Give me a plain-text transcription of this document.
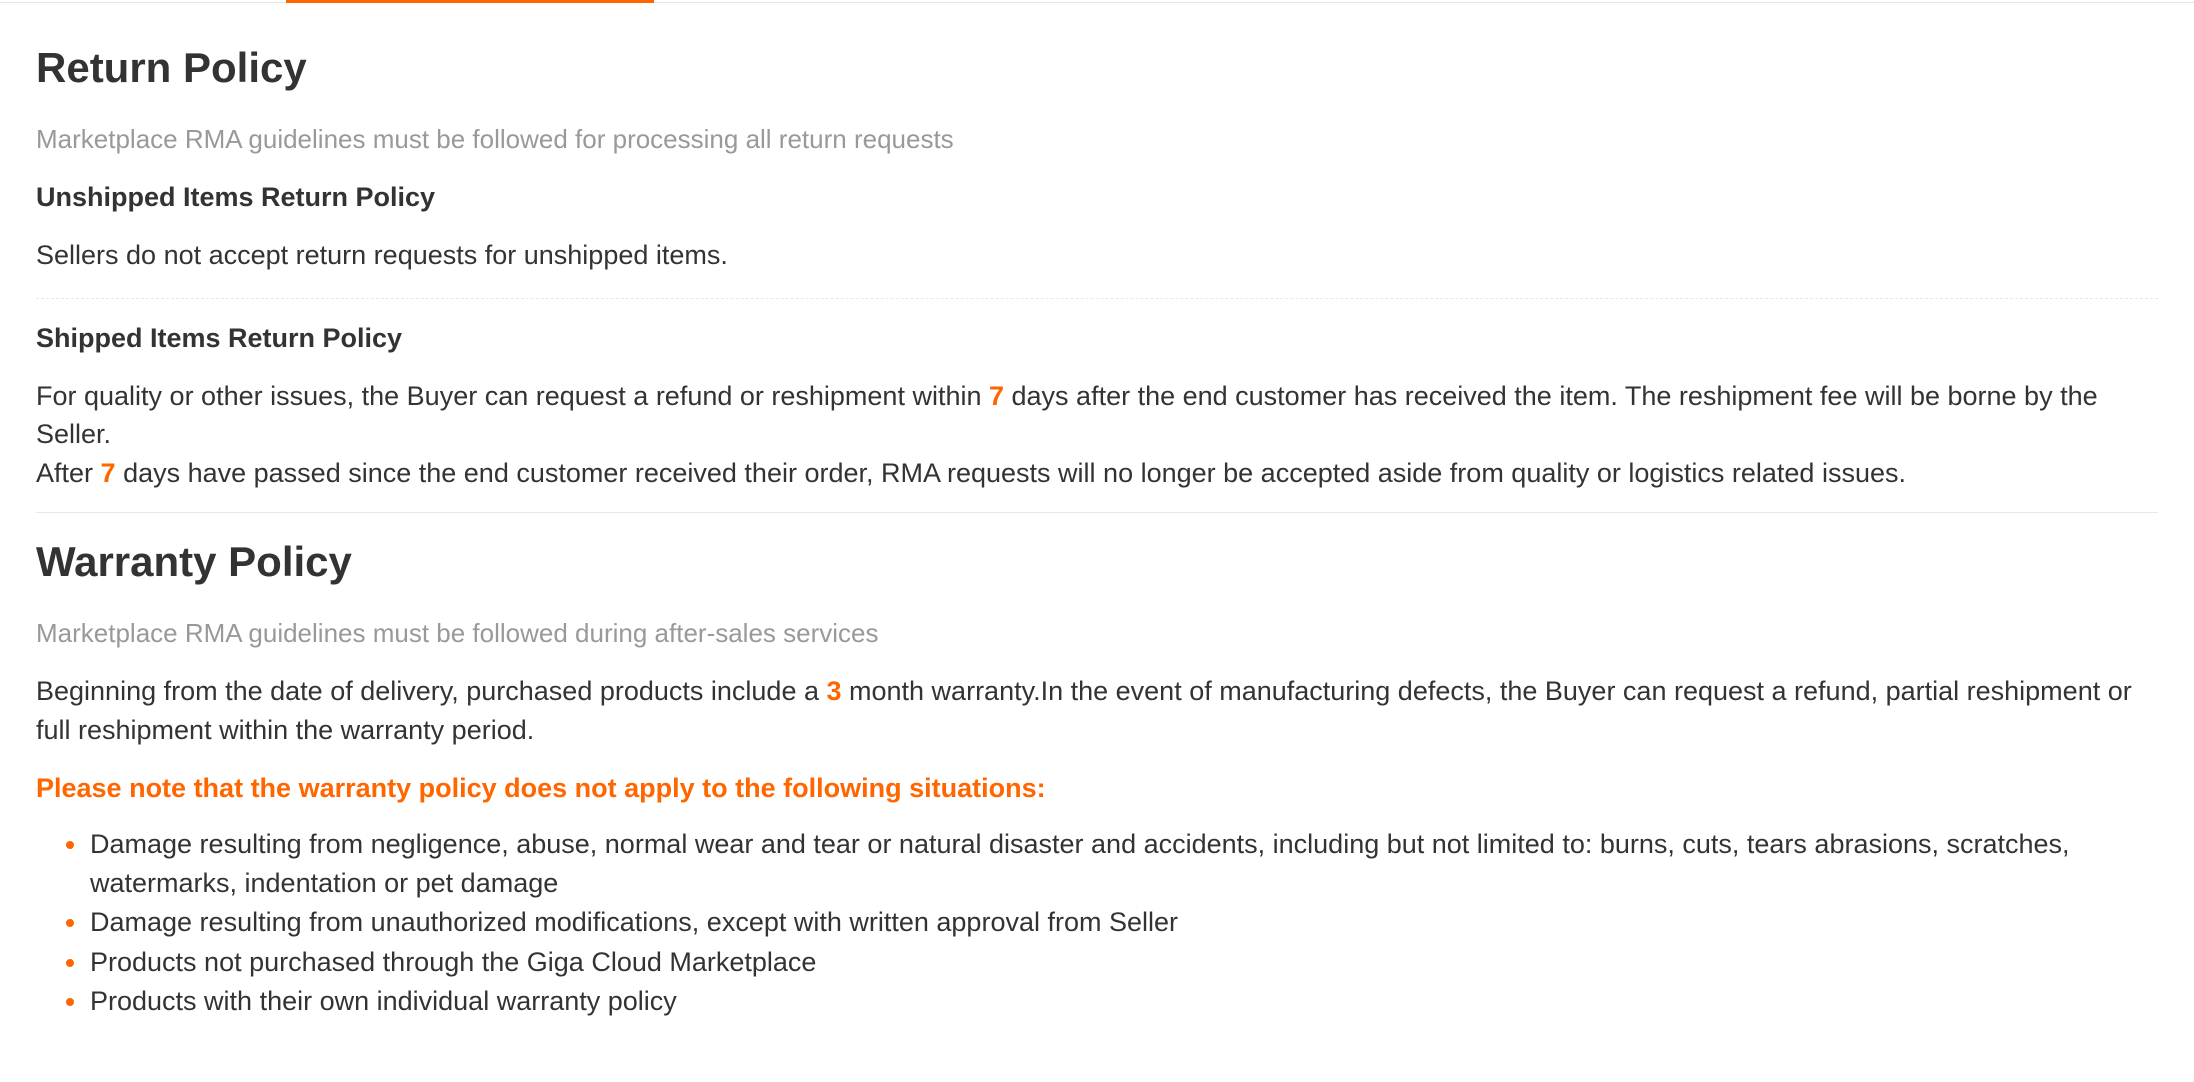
Return Policy

Marketplace RMA guidelines must be followed for processing all return requests

Unshipped Items Return Policy

Sellers do not accept return requests for unshipped items.

Shipped Items Return Policy

For quality or other issues, the Buyer can request a refund or reshipment within 7 days after the end customer has received the item. The reshipment fee will be borne by the Seller.

After 7 days have passed since the end customer received their order, RMA requests will no longer be accepted aside from quality or logistics related issues.

Warranty Policy

Marketplace RMA guidelines must be followed during after-sales services

Beginning from the date of delivery, purchased products include a 3 month warranty.In the event of manufacturing defects, the Buyer can request a refund, partial reshipment or full reshipment within the warranty period.

Please note that the warranty policy does not apply to the following situations:

Damage resulting from negligence, abuse, normal wear and tear or natural disaster and accidents, including but not limited to: burns, cuts, tears abrasions, scratches, watermarks, indentation or pet damage
Damage resulting from unauthorized modifications, except with written approval from Seller
Products not purchased through the Giga Cloud Marketplace
Products with their own individual warranty policy
